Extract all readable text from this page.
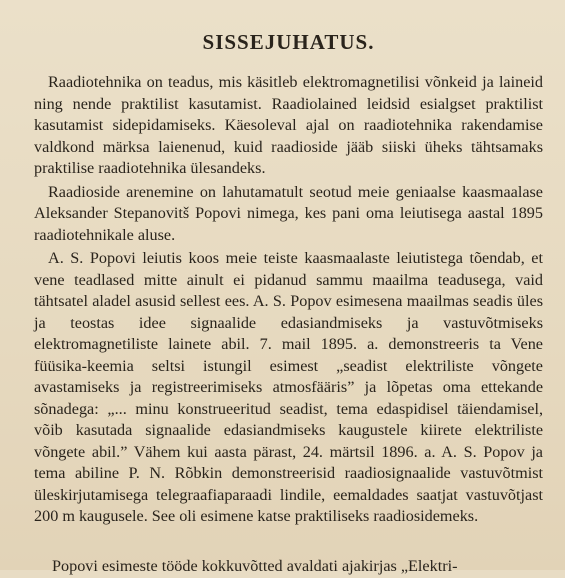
SISSEJUHATUS.

Raadiotehnika on teadus, mis käsitleb elektromagnetilisi võnkeid ja laineid ning nende praktilist kasutamist. Raadiolained leidsid esialgset praktilist kasutamist sidepidamiseks. Käesoleval ajal on raadiotehnika rakendamise valdkond märksa laienenud, kuid raadioside jääb siiski üheks tähtsamaks praktilise raadiotehnika ülesandeks.

Raadioside arenemine on lahutamatult seotud meie geniaalse kaasmaalase Aleksander Stepanovitš Popovi nimega, kes pani oma leiutisega aastal 1895 raadiotehnikale aluse.

A. S. Popovi leiutis koos meie teiste kaasmaalaste leiutistega tõendab, et vene teadlased mitte ainult ei pidanud sammu maailma teadusega, vaid tähtsatel aladel asusid sellest ees. A. S. Popov esimesena maailmas seadis üles ja teostas idee signaalide edasiandmiseks ja vastuvõtmiseks elektromagnetiliste lainete abil. 7. mail 1895. a. demonstreeris ta Vene füüsika-keemia seltsi istungil esimest „seadist elektriliste võngete avastamiseks ja registreerimiseks atmosfääris” ja lõpetas oma ettekande sõnadega: „... minu konstrueeritud seadist, tema edaspidisel täiendamisel, võib kasutada signaalide edasiandmiseks kaugustele kiirete elektriliste võngete abil.” Vähem kui aasta pärast, 24. märtsil 1896. a. A. S. Popov ja tema abiline P. N. Rõbkin demonstreerisid raadiosignaalide vastuvõtmist üleskirjutamisega telegraafiaparaadi lindile, eemaldades saatjat vastuvõtjast 200 m kaugusele. See oli esimene katse praktiliseks raadiosidemeks.

Popovi esimeste tööde kokkuvõtted avaldati ajakirjas „Elektri-
